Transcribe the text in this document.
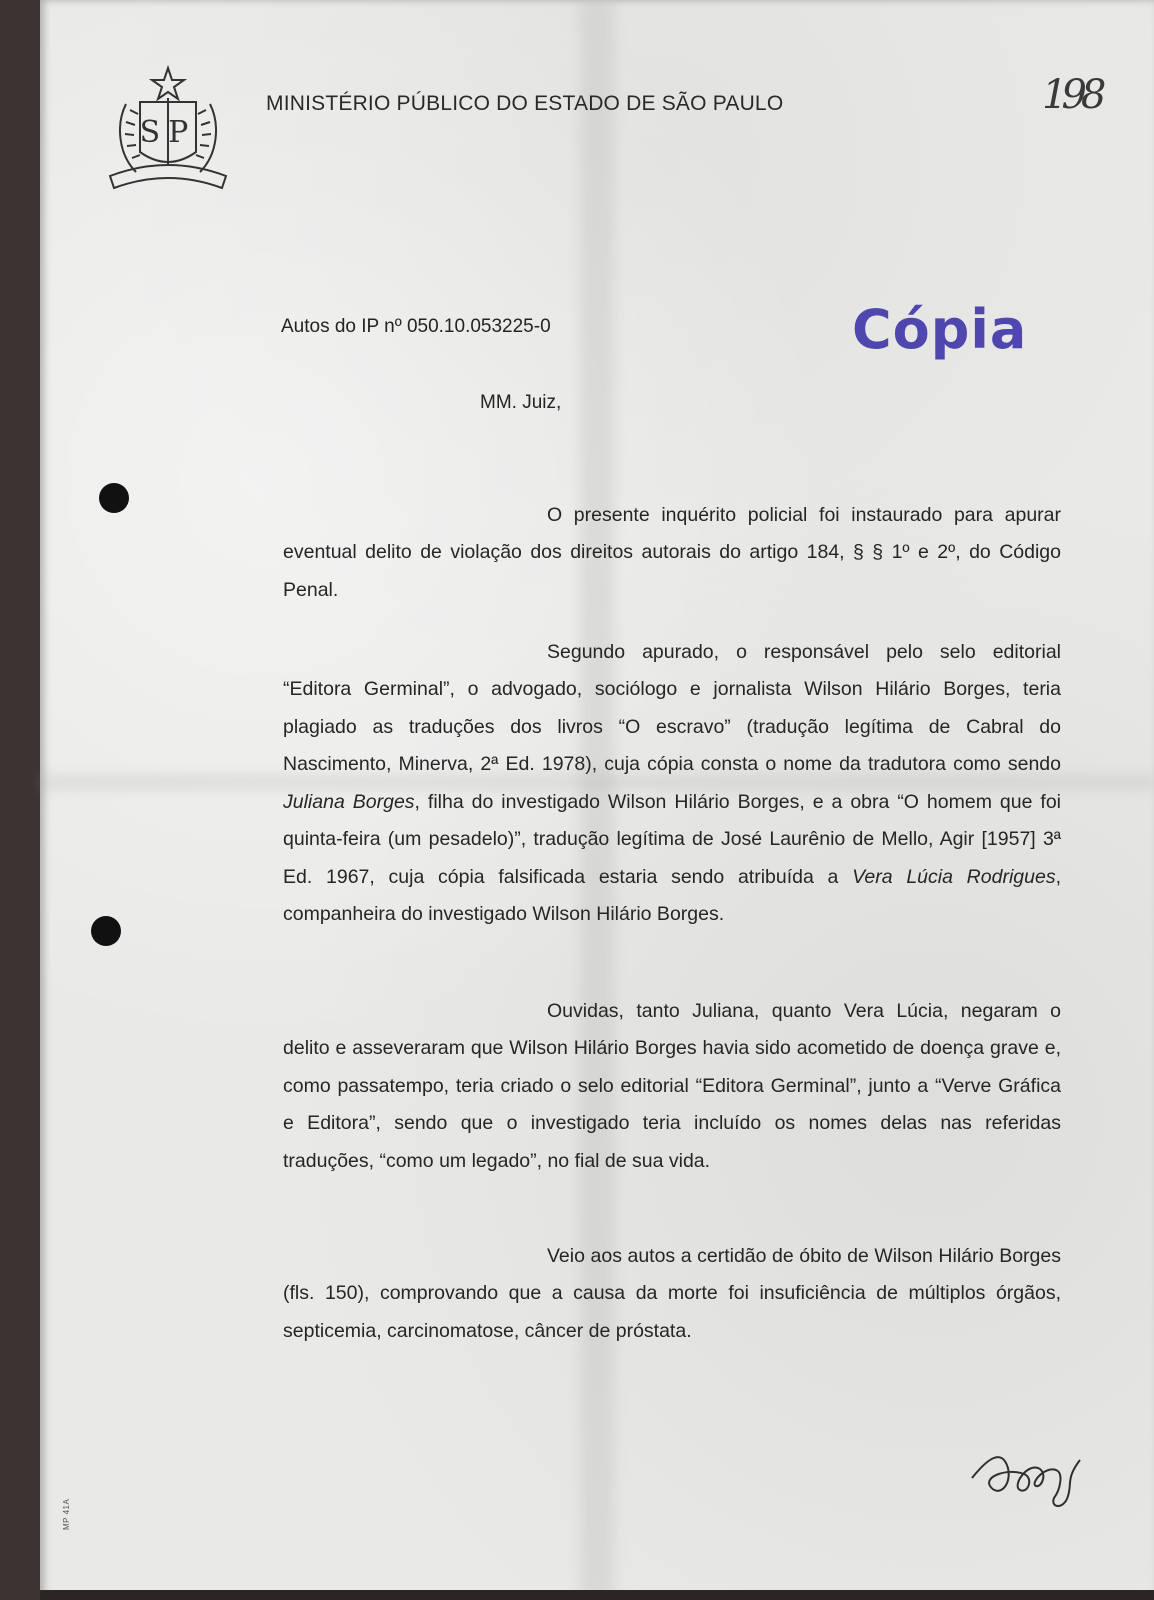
SP
MINISTÉRIO PÚBLICO DO ESTADO DE SÃO PAULO	198
Autos do IP nº 050.10.053225-0	Cópia
MM. Juiz,

O presente inquérito policial foi instaurado para apurar eventual delito de violação dos direitos autorais do artigo 184, § § 1º e 2º, do Código Penal.

Segundo apurado, o responsável pelo selo editorial “Editora Germinal”, o advogado, sociólogo e jornalista Wilson Hilário Borges, teria plagiado as traduções dos livros “O escravo” (tradução legítima de Cabral do Nascimento, Minerva, 2ª Ed. 1978), cuja cópia consta o nome da tradutora como sendo Juliana Borges, filha do investigado Wilson Hilário Borges, e a obra “O homem que foi quinta-feira (um pesadelo)”, tradução legítima de José Laurênio de Mello, Agir [1957] 3ª Ed. 1967, cuja cópia falsificada estaria sendo atribuída a Vera Lúcia Rodrigues, companheira do investigado Wilson Hilário Borges.

Ouvidas, tanto Juliana, quanto Vera Lúcia, negaram o delito e asseveraram que Wilson Hilário Borges havia sido acometido de doença grave e, como passatempo, teria criado o selo editorial “Editora Germinal”, junto a “Verve Gráfica e Editora”, sendo que o investigado teria incluído os nomes delas nas referidas traduções, “como um legado”, no fial de sua vida.

Veio aos autos a certidão de óbito de Wilson Hilário Borges (fls. 150), comprovando que a causa da morte foi insuficiência de múltiplos órgãos, septicemia, carcinomatose, câncer de próstata.

MP 41A
